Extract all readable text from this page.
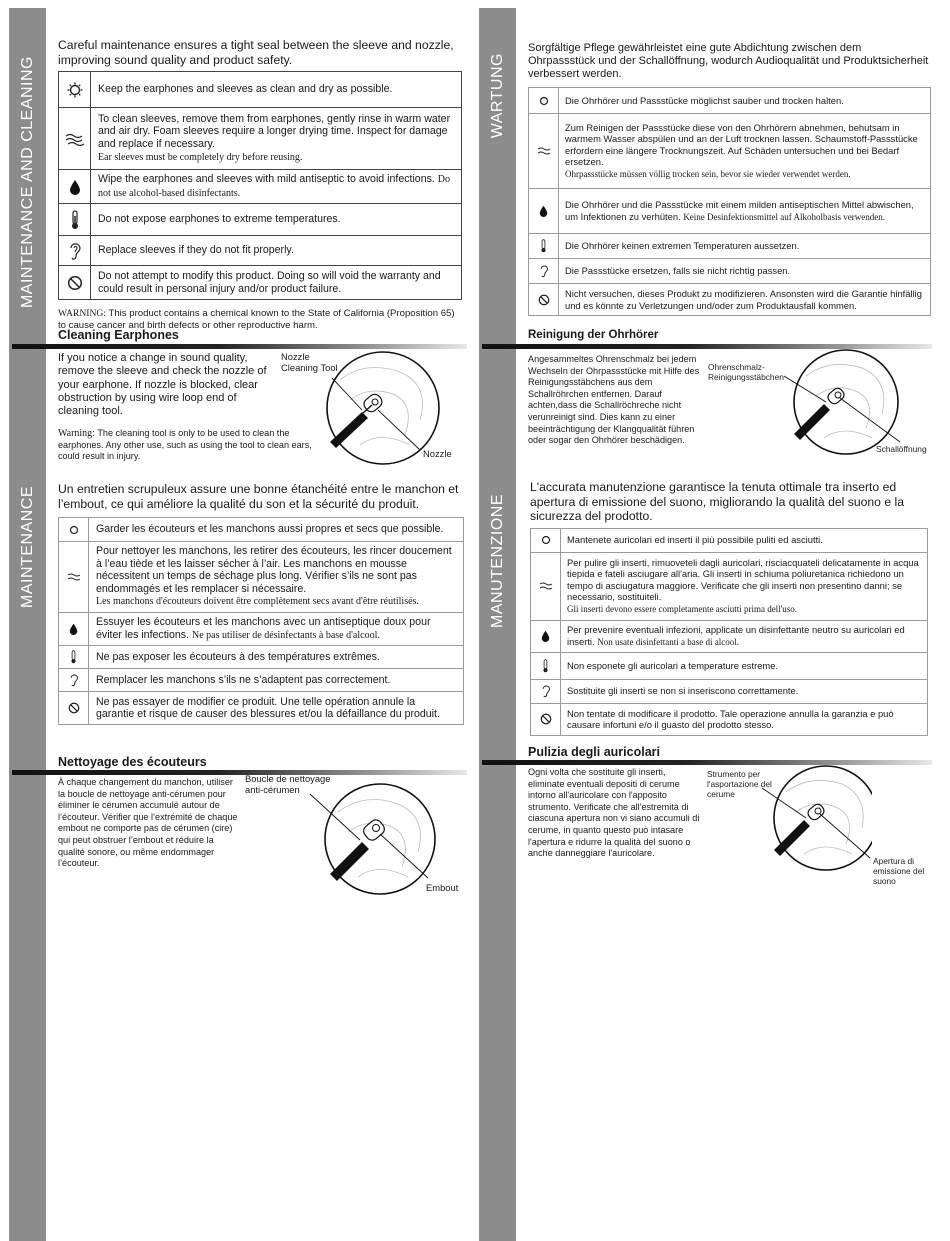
MAINTENANCE AND CLEANING
MAINTENANCE
WARTUNG
MANUTENZIONE

Careful maintenance ensures a tight seal between the sleeve and nozzle, improving sound quality and product safety.

	Keep the earphones and sleeves as clean and dry as possible.

	To clean sleeves, remove them from earphones, gently rinse in warm water and air dry. Foam sleeves require a longer drying time. Inspect for damage and replace if necessary.
Ear sleeves must be completely dry before reusing.

	Wipe the earphones and sleeves with mild antiseptic to avoid infections. Do not use alcohol-based disinfectants.

	Do not expose earphones to extreme temperatures.

	Replace sleeves if they do not fit properly.

	Do not attempt to modify this product. Doing so will void the warranty and could result in personal injury and/or product failure.

WARNING: This product contains a chemical known to the State of California (Proposition 65) to cause cancer and birth defects or other reproductive harm.

Cleaning Earphones

If you notice a change in sound quality, remove the sleeve and check the nozzle of your earphone. If nozzle is blocked, clear obstruction by using wire loop end of cleaning tool.

Warning: The cleaning tool is only to be used to clean the earphones. Any other use, such as using the tool to clean ears, could result in injury.

Nozzle Cleaning Tool
Nozzle

Un entretien scrupuleux assure une bonne étanchéité entre le manchon et l’embout, ce qui améliore la qualité du son et la sécurité du produit.

	Garder les écouteurs et les manchons aussi propres et secs que possible.

	Pour nettoyer les manchons, les retirer des écouteurs, les rincer doucement à l’eau tiède et les laisser sécher à l’air. Les manchons en mousse nécessitent un temps de séchage plus long. Vérifier s’ils ne sont pas endommagés et les remplacer si nécessaire.
Les manchons d'écouteurs doivent être complètement secs avant d'être réutilisés.

	Essuyer les écouteurs et les manchons avec un antiseptique doux pour éviter les infections. Ne pas utiliser de désinfectants à base d'alcool.

	Ne pas exposer les écouteurs à des températures extrêmes.

	Remplacer les manchons s’ils ne s’adaptent pas correctement.

	Ne pas essayer de modifier ce produit. Une telle opération annule la garantie et risque de causer des blessures et/ou la défaillance du produit.
Nettoyage des écouteurs

À chaque changement du manchon, utiliser la boucle de nettoyage anti-cérumen pour éliminer le cérumen accumulé autour de l’écouteur. Vérifier que l’extrémité de chaque embout ne comporte pas de cérumen (cire) qui peut obstruer l’embout et réduire la qualité sonore, ou même endommager l’écouteur.

Boucle de nettoyage anti-cérumen
Embout

Sorgfältige Pflege gewährleistet eine gute Abdichtung zwischen dem Ohrpassstück und der Schallöffnung, wodurch Audioqualität und Produktsicherheit verbessert werden.

	Die Ohrhörer und Passstücke möglichst sauber und trocken halten.

	Zum Reinigen der Passstücke diese von den Ohrhörern abnehmen, behutsam in warmem Wasser abspülen und an der Luft trocknen lassen. Schaumstoff-Passstücke erfordern eine längere Trocknungszeit. Auf Schäden untersuchen und bei Bedarf ersetzen.
Ohrpassstücke müssen völlig trocken sein, bevor sie wieder verwendet werden.

	Die Ohrhörer und die Passstücke mit einem milden antiseptischen Mittel abwischen, um Infektionen zu verhüten. Keine Desinfektionsmittel auf Alkoholbasis verwenden.

	Die Ohrhörer keinen extremen Temperaturen aussetzen.

	Die Passstücke ersetzen, falls sie nicht richtig passen.

	Nicht versuchen, dieses Produkt zu modifizieren. Ansonsten wird die Garantie hinfällig und es könnte zu Verletzungen und/oder zum Produktausfall kommen.
Reinigung der Ohrhörer

Angesammeltes Ohrenschmalz bei jedem Wechseln der Ohrpassstücke mit Hilfe des Reinigungsstäbchens aus dem Schallröhrchen entfernen. Darauf achten,dass die Schallröchreche nicht verunreinigt sind. Dies kann zu einer beeinträchtigung der Klangqualität führen oder sogar den Ohrhörer beschädigen.

Ohrenschmalz-Reinigungsstäbchen
Schallöffnung

L'accurata manutenzione garantisce la tenuta ottimale tra inserto ed apertura di emissione del suono, migliorando la qualità del suono e la sicurezza del prodotto.

	Mantenete auricolari ed inserti il più possibile puliti ed asciutti.

	Per pulire gli inserti, rimuoveteli dagli auricolari, risciacquateli delicatamente in acqua tiepida e fateli asciugare all'aria. Gli inserti in schiuma poliuretanica richiedono un tempo di asciugatura maggiore. Verificate che gli inserti non presentino danni; se necessario, sostituiteli.
Gli inserti devono essere completamente asciutti prima dell'uso.

	Per prevenire eventuali infezioni, applicate un disinfettante neutro su auricolari ed inserti. Non usate disinfettanti a base di alcool.

	Non esponete gli auricolari a temperature estreme.

	Sostituite gli inserti se non si inseriscono correttamente.

	Non tentate di modificare il prodotto. Tale operazione annulla la garanzia e può causare infortuni e/o il guasto del prodotto stesso.
Pulizia degli auricolari

Ogni volta che sostituite gli inserti, eliminate eventuali depositi di cerume intorno all'auricolare con l'apposito strumento. Verificate che all'estremità di ciascuna apertura non vi siano accumuli di cerume, in quanto questo può intasare l'apertura e ridurre la qualità del suono o anche danneggiare l'auricolare.

Strumento per l'asportazione del cerume
Apertura di emissione del suono
